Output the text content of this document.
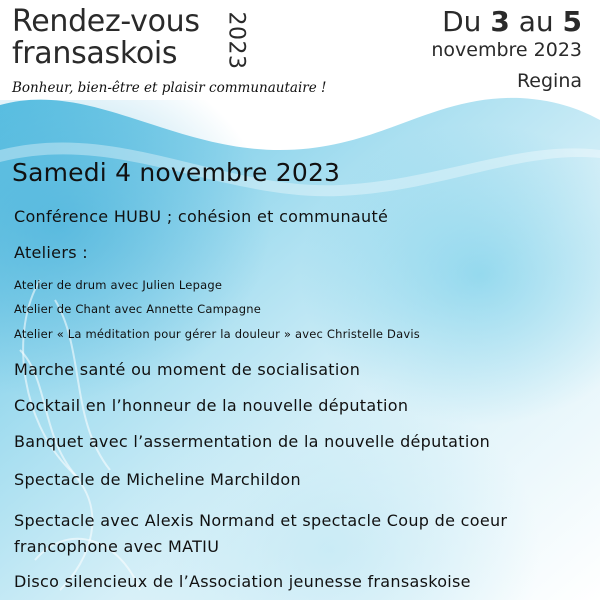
Rendez-vous
fransaskois	2023
Bonheur, bien-être et plaisir communautaire !
Du 3 au 5
novembre 2023
Regina
Samedi 4 novembre 2023
Conférence HUBU ; cohésion et communauté
Ateliers :
Atelier de drum avec Julien Lepage
Atelier de Chant avec Annette Campagne
Atelier « La méditation pour gérer la douleur » avec Christelle Davis
Marche santé ou moment de socialisation
Cocktail en l’honneur de la nouvelle députation
Banquet avec l’assermentation de la nouvelle députation
Spectacle de Micheline Marchildon
Spectacle avec Alexis Normand et spectacle Coup de coeur francophone avec MATIU
Disco silencieux de l’Association jeunesse fransaskoise
